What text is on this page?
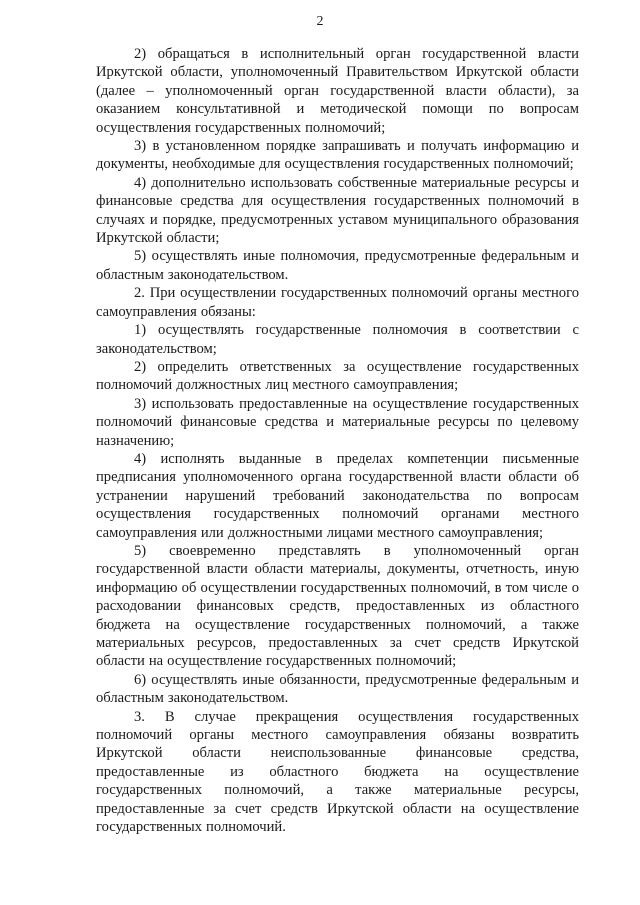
2

2) обращаться в исполнительный орган государственной власти Иркутской области, уполномоченный Правительством Иркутской области (далее – уполномоченный орган государственной власти области), за оказанием консультативной и методической помощи по вопросам осуществления государственных полномочий;

3) в установленном порядке запрашивать и получать информацию и документы, необходимые для осуществления государственных полномочий;

4) дополнительно использовать собственные материальные ресурсы и финансовые средства для осуществления государственных полномочий в случаях и порядке, предусмотренных уставом муниципального образования Иркутской области;

5) осуществлять иные полномочия, предусмотренные федеральным и областным законодательством.

2. При осуществлении государственных полномочий органы местного самоуправления обязаны:

1) осуществлять государственные полномочия в соответствии с законодательством;

2) определить ответственных за осуществление государственных полномочий должностных лиц местного самоуправления;

3) использовать предоставленные на осуществление государственных полномочий финансовые средства и материальные ресурсы по целевому назначению;

4) исполнять выданные в пределах компетенции письменные предписания уполномоченного органа государственной власти области об устранении нарушений требований законодательства по вопросам осуществления государственных полномочий органами местного самоуправления или должностными лицами местного самоуправления;

5) своевременно представлять в уполномоченный орган государственной власти области материалы, документы, отчетность, иную информацию об осуществлении государственных полномочий, в том числе о расходовании финансовых средств, предоставленных из областного бюджета на осуществление государственных полномочий, а также материальных ресурсов, предоставленных за счет средств Иркутской области на осуществление государственных полномочий;

6) осуществлять иные обязанности, предусмотренные федеральным и областным законодательством.

3. В случае прекращения осуществления государственных полномочий органы местного самоуправления обязаны возвратить Иркутской области неиспользованные финансовые средства, предоставленные из областного бюджета на осуществление государственных полномочий, а также материальные ресурсы, предоставленные за счет средств Иркутской области на осуществление государственных полномочий.
